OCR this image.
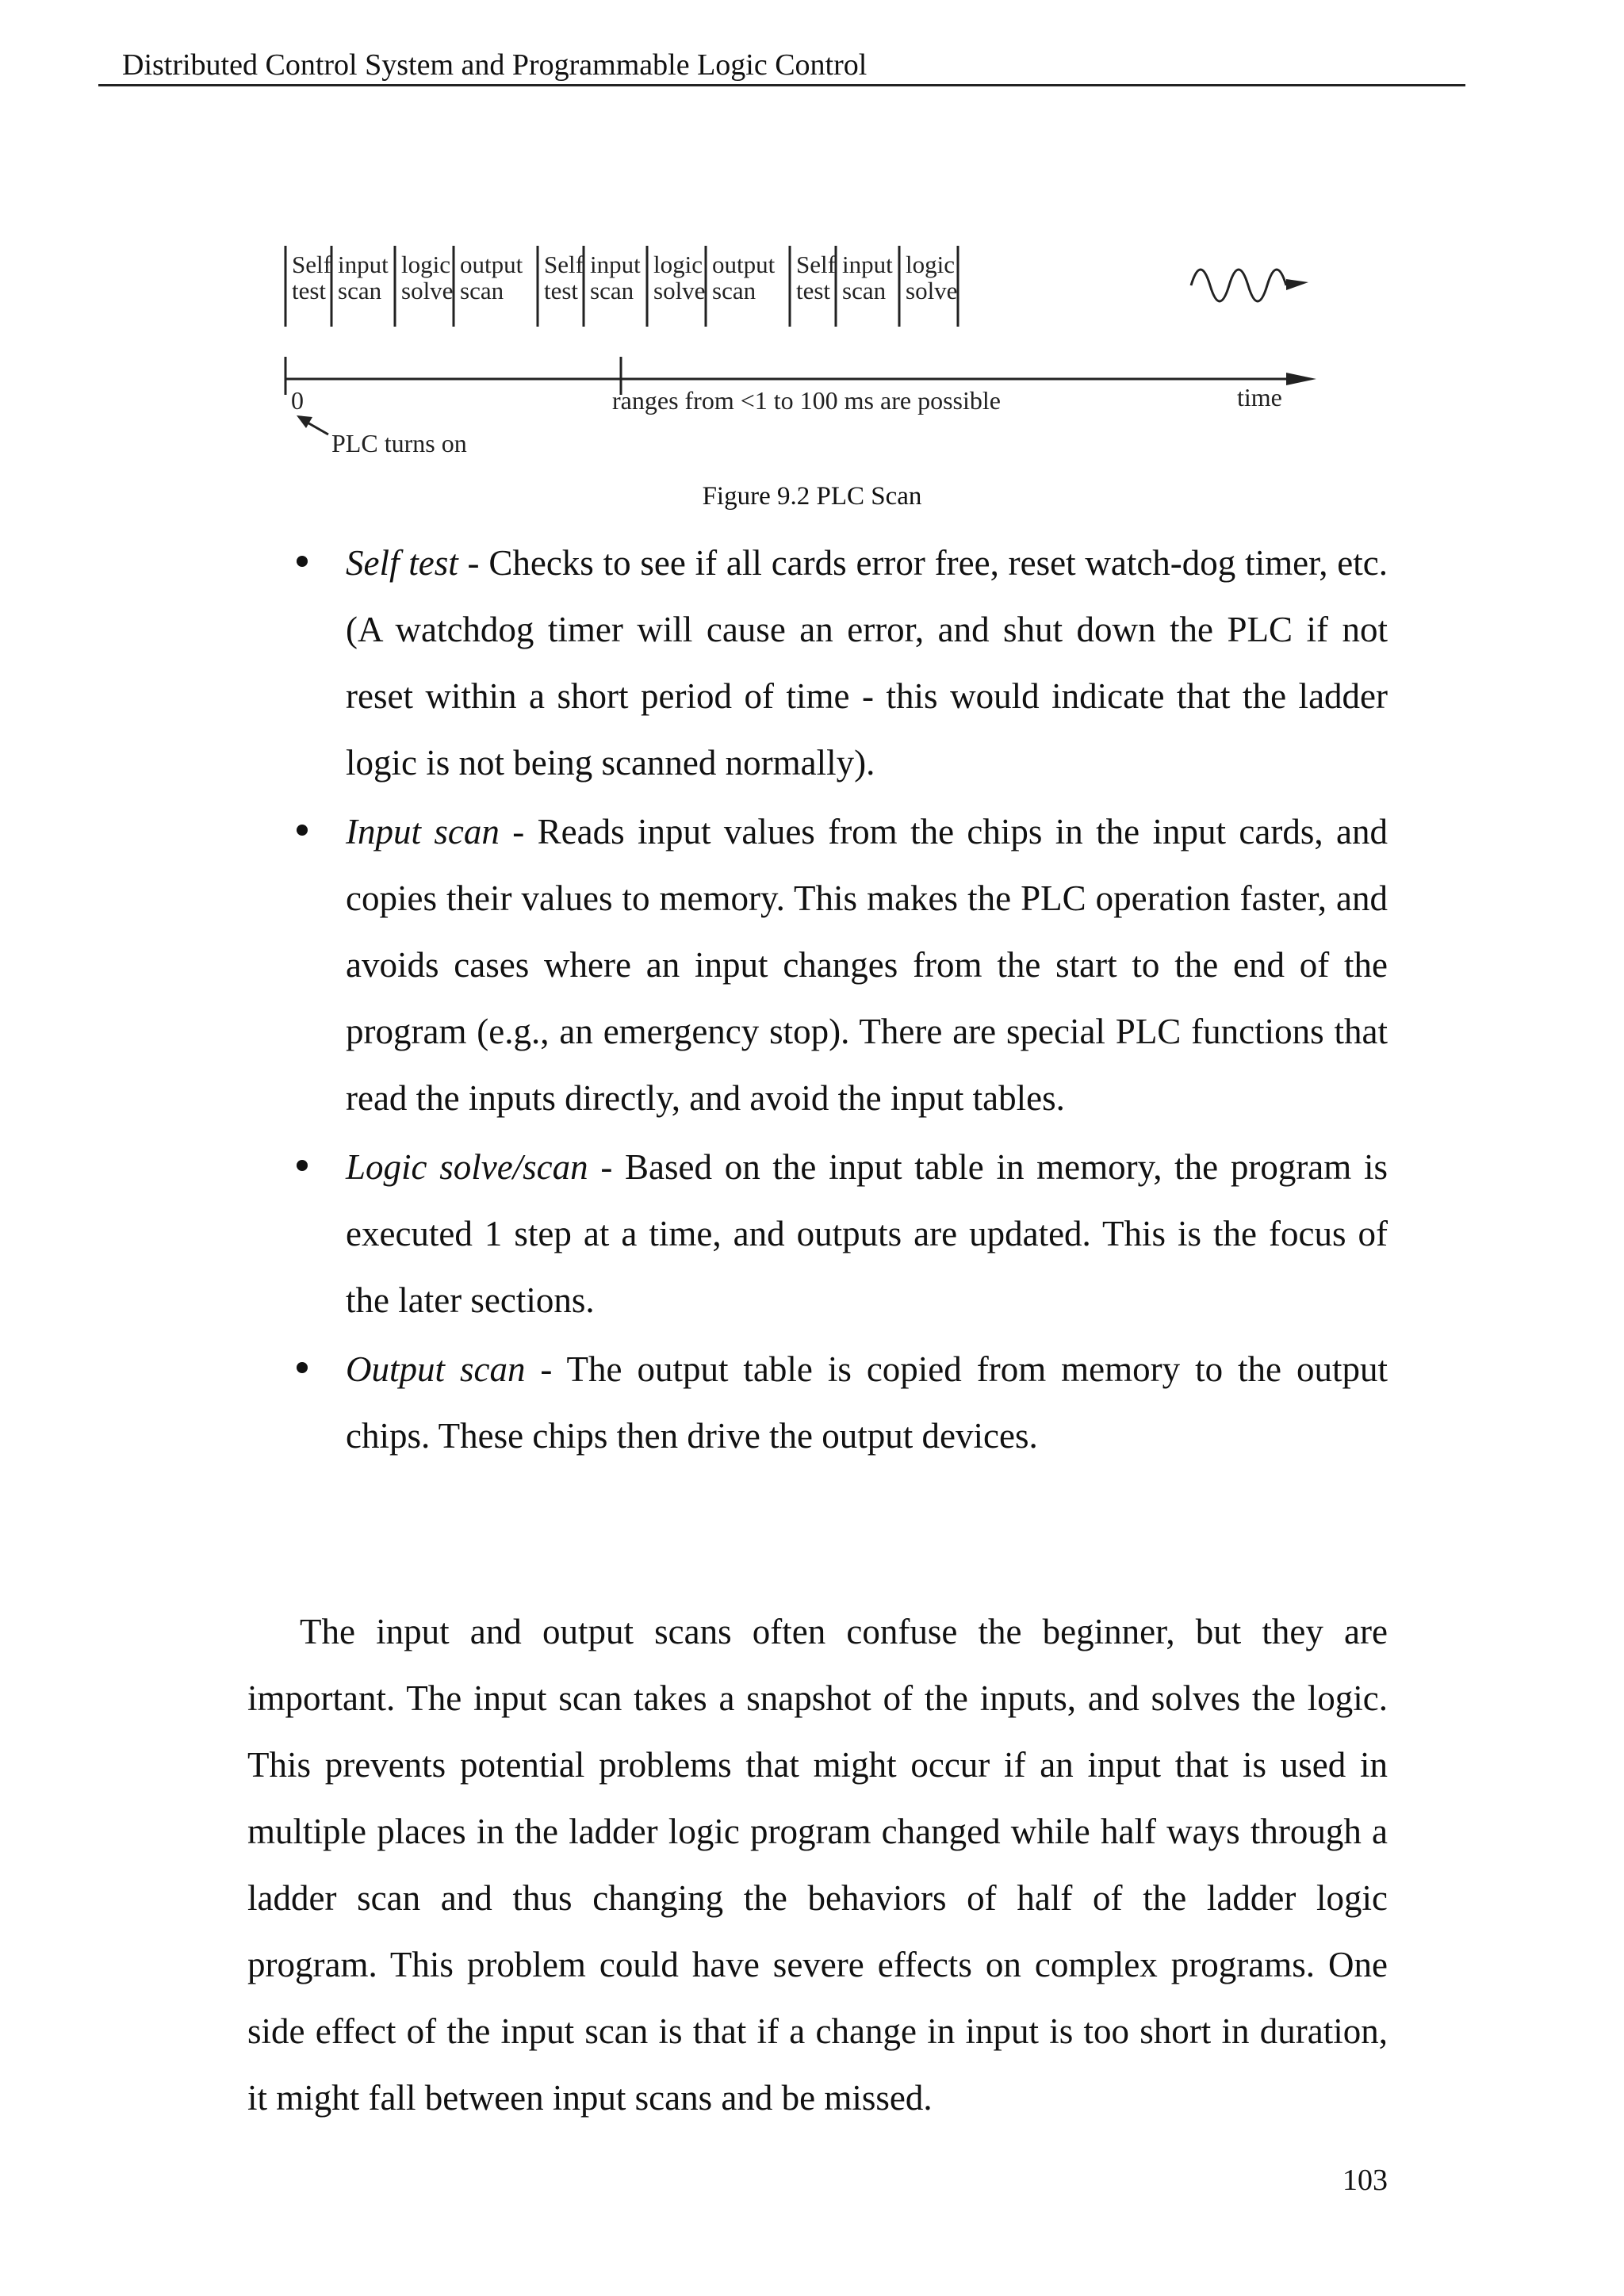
Distributed Control System and Programmable Logic Control
Self
test
input
scan
logic
solve
output
scan
Self
test
input
scan
logic
solve
output
scan
Self
test
input
scan
logic
solve
0	ranges from <1 to 100 ms are possible	time
PLC turns on
Figure 9.2 PLC Scan

Self test - Checks to see if all cards error free, reset watch-dog timer, etc. (A watchdog timer will cause an error, and shut down the PLC if not reset within a short period of time - this would indicate that the ladder logic is not being scanned normally).

Input scan - Reads input values from the chips in the input cards, and copies their values to memory. This makes the PLC operation faster, and avoids cases where an input changes from the start to the end of the program (e.g., an emergency stop). There are special PLC functions that read the inputs directly, and avoid the input tables.

Logic solve/scan - Based on the input table in memory, the program is executed 1 step at a time, and outputs are updated. This is the focus of the later sections.

Output scan - The output table is copied from memory to the output chips. These chips then drive the output devices.

The input and output scans often confuse the beginner, but they are important. The input scan takes a snapshot of the inputs, and solves the logic. This prevents potential problems that might occur if an input that is used in multiple places in the ladder logic program changed while half ways through a ladder scan and thus changing the behaviors of half of the ladder logic program. This problem could have severe effects on complex programs. One side effect of the input scan is that if a change in input is too short in duration, it might fall between input scans and be missed.

103
